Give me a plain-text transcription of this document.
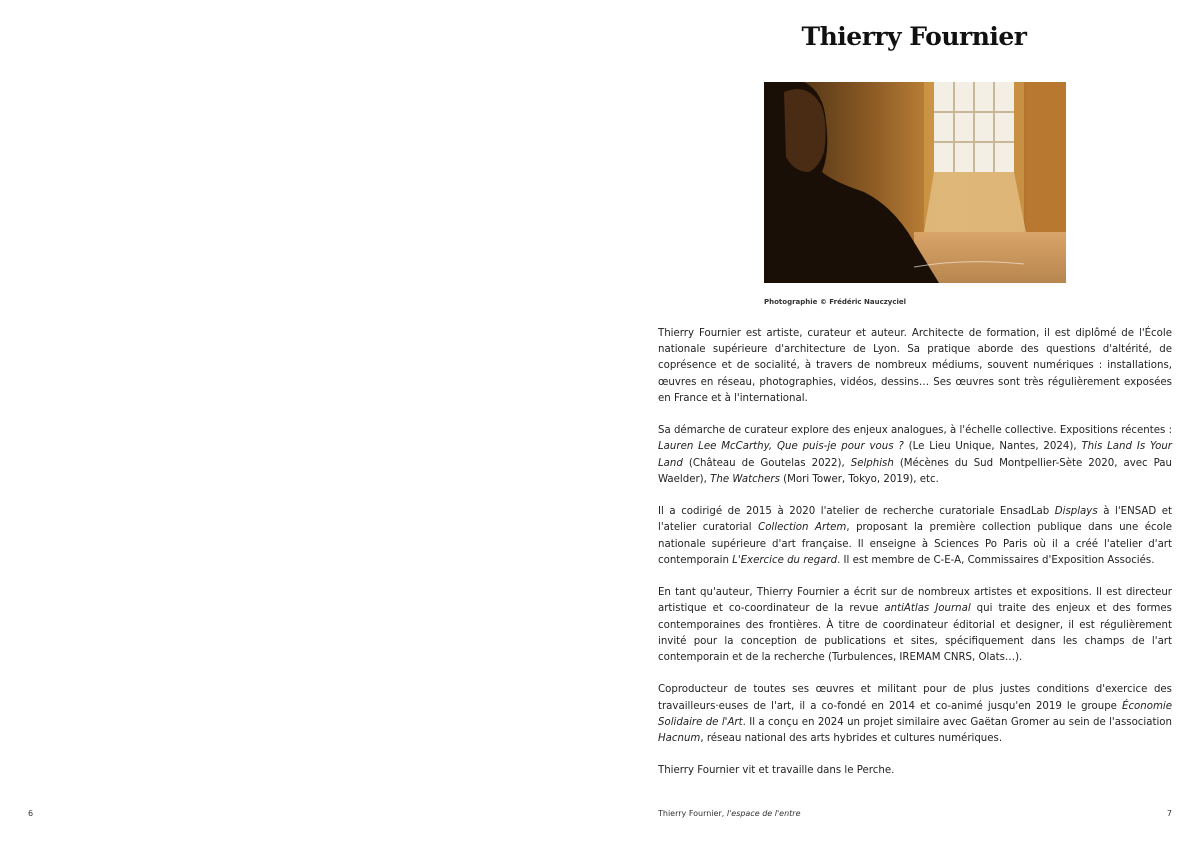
6
Thierry Fournier
Photographie © Frédéric Nauczyciel

Thierry Fournier est artiste, curateur et auteur. Architecte de formation, il est diplômé de l'École nationale supérieure d'architecture de Lyon. Sa pratique aborde des questions d'altérité, de coprésence et de socialité, à travers de nombreux médiums, souvent numériques : installations, œuvres en réseau, photographies, vidéos, dessins… Ses œuvres sont très régulièrement exposées en France et à l'international.

Sa démarche de curateur explore des enjeux analogues, à l'échelle collective. Expositions récentes : Lauren Lee McCarthy, Que puis-je pour vous ? (Le Lieu Unique, Nantes, 2024), This Land Is Your Land (Château de Goutelas 2022), Selphish (Mécènes du Sud Montpellier-Sète 2020, avec Pau Waelder), The Watchers (Mori Tower, Tokyo, 2019), etc.

Il a codirigé de 2015 à 2020 l'atelier de recherche curatoriale EnsadLab Displays à l'ENSAD et l'atelier curatorial Collection Artem, proposant la première collection publique dans une école nationale supérieure d'art française. Il enseigne à Sciences Po Paris où il a créé l'atelier d'art contemporain L'Exercice du regard. Il est membre de C-E-A, Commissaires d'Exposition Associés.

En tant qu'auteur, Thierry Fournier a écrit sur de nombreux artistes et expositions. Il est directeur artistique et co-coordinateur de la revue antiAtlas Journal qui traite des enjeux et des formes contemporaines des frontières. À titre de coordinateur éditorial et designer, il est régulièrement invité pour la conception de publications et sites, spécifiquement dans les champs de l'art contemporain et de la recherche (Turbulences, IREMAM CNRS, Olats…).

Coproducteur de toutes ses œuvres et militant pour de plus justes conditions d'exercice des travailleurs·euses de l'art, il a co-fondé en 2014 et co-animé jusqu'en 2019 le groupe Économie Solidaire de l'Art. Il a conçu en 2024 un projet similaire avec Gaëtan Gromer au sein de l'association Hacnum, réseau national des arts hybrides et cultures numériques.

Thierry Fournier vit et travaille dans le Perche.

Thierry Fournier, l'espace de l'entre	7
